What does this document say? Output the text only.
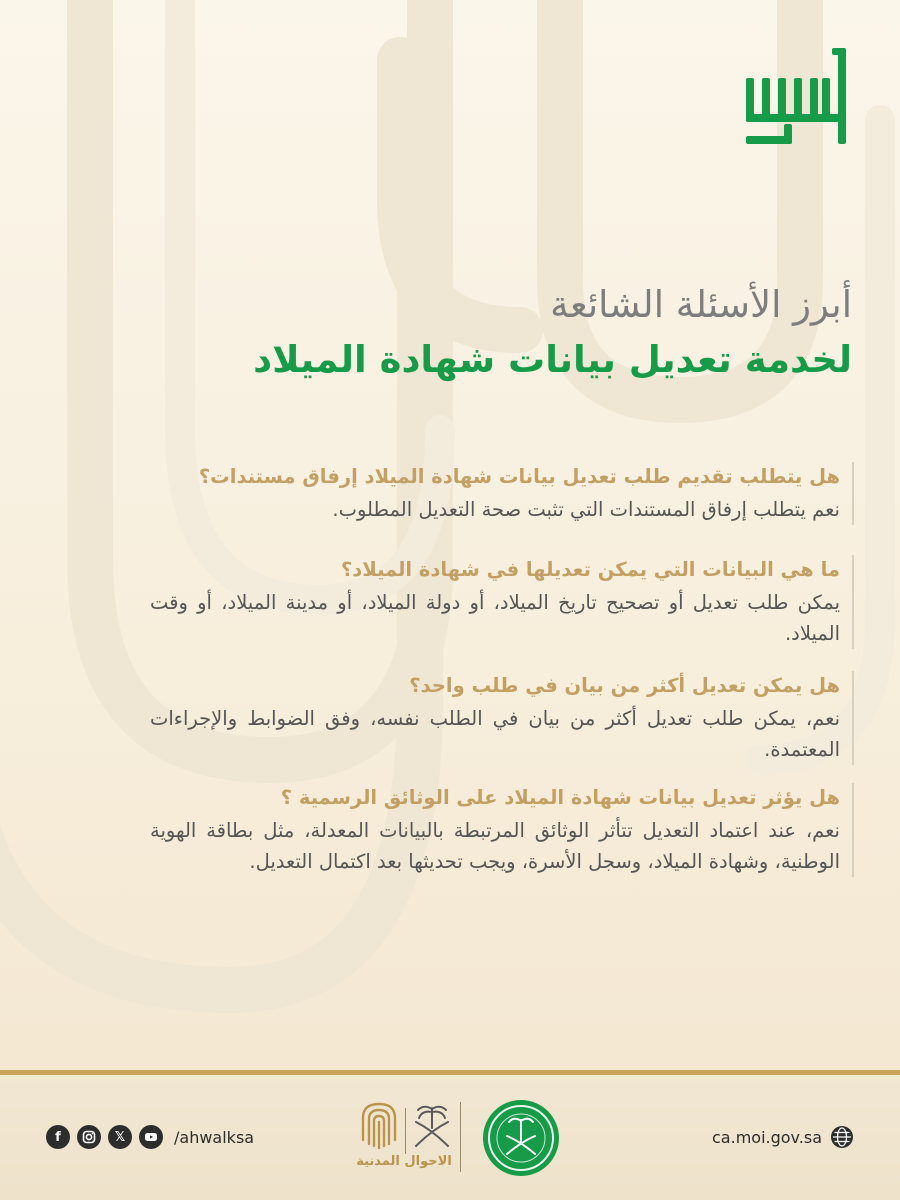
أبرز الأسئلة الشائعة

لخدمة تعديل بيانات شهادة الميلاد

هل يتطلب تقديم طلب تعديل بيانات شهادة الميلاد إرفاق مستندات؟

نعم يتطلب إرفاق المستندات التي تثبت صحة التعديل المطلوب.

ما هي البيانات التي يمكن تعديلها في شهادة الميلاد؟

يمكن طلب تعديل أو تصحيح تاريخ الميلاد، أو دولة الميلاد، أو مدينة الميلاد، أو وقت الميلاد.

هل يمكن تعديل أكثر من بيان في طلب واحد؟

نعم، يمكن طلب تعديل أكثر من بيان في الطلب نفسه، وفق الضوابط والإجراءات المعتمدة.

هل يؤثر تعديل بيانات شهادة الميلاد على الوثائق الرسمية ؟

نعم، عند اعتماد التعديل تتأثر الوثائق المرتبطة بالبيانات المعدلة، مثل بطاقة الهوية الوطنية، وشهادة الميلاد، وسجل الأسرة، ويجب تحديثها بعد اكتمال التعديل.

f	𝕏	/ahwalksa
الاحوال المدنية
ca.moi.gov.sa
